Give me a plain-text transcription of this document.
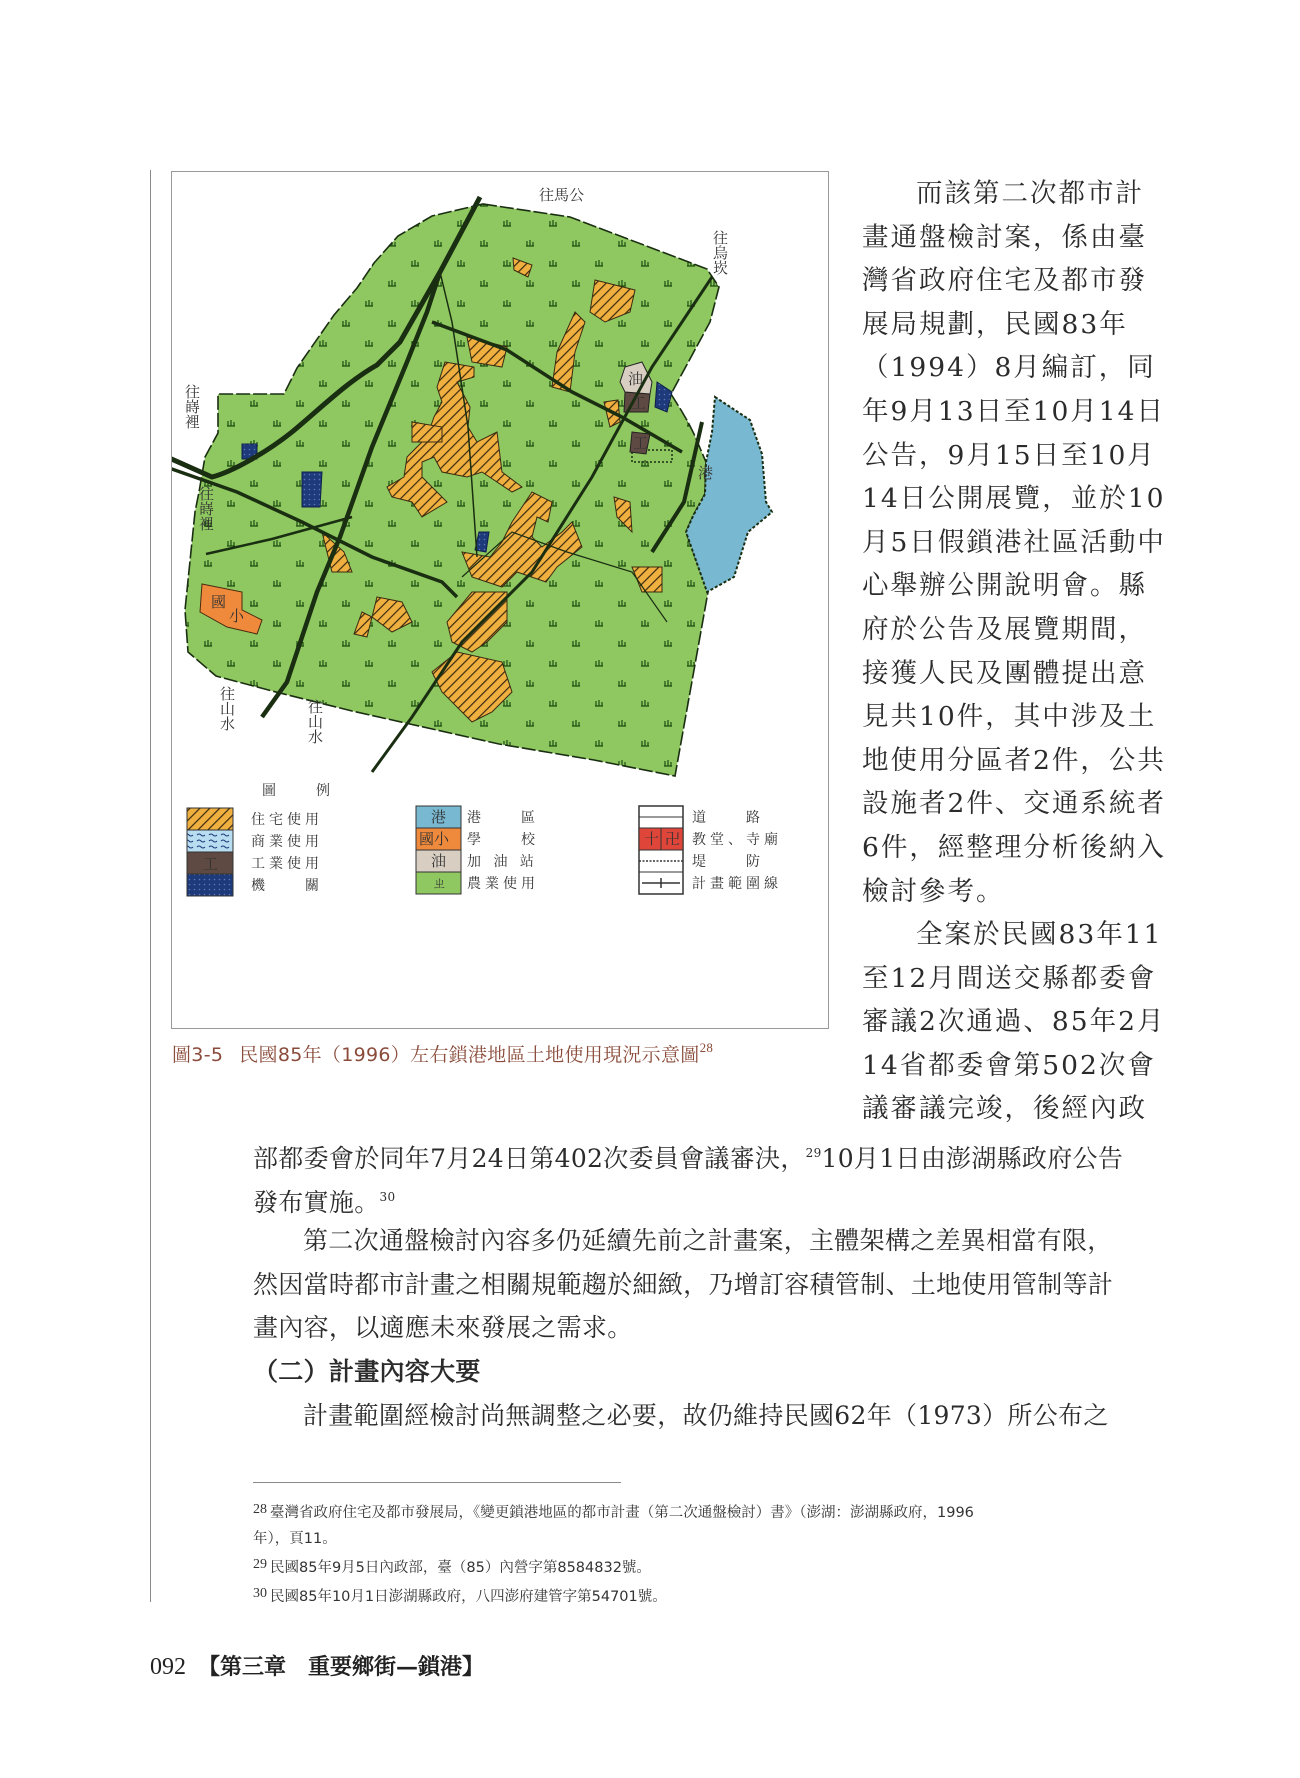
往馬公
往烏崁
往嵵裡
往嵵裡
往山水	往山水
港
國
小
油
工
工
圖　　例
工
住宅使用
商業使用
工業使用
機　　關
港
國小
油
ㄓ
港　　區
學　　校
加 油 站
農業使用
十 卍
道　　路
教堂、寺廟
堤　　防
計畫範圍線
圖3-5 民國85年（1996）左右鎖港地區土地使用現況示意圖$^{28}$

而該第二次都市計
畫通盤檢討案，係由臺
灣省政府住宅及都市發
展局規劃，民國83年
（1994）8月編訂，同
年9月13日至10月14日
公告，9月15日至10月
14日公開展覽，並於10
月5日假鎖港社區活動中
心舉辦公開說明會。縣
府於公告及展覽期間，
接獲人民及團體提出意
見共10件，其中涉及土
地使用分區者2件，公共
設施者2件、交通系統者
6件，經整理分析後納入
檢討參考。

全案於民國83年11
至12月間送交縣都委會
審議2次通過、85年2月
14省都委會第502次會
議審議完竣，後經內政

部都委會於同年7月24日第402次委員會議審決，$^{29}$10月1日由澎湖縣政府公告
發布實施。$^{30}$
第二次通盤檢討內容多仍延續先前之計畫案，主體架構之差異相當有限，
然因當時都市計畫之相關規範趨於細緻，乃增訂容積管制、土地使用管制等計
畫內容，以適應未來發展之需求。
（二）計畫內容大要
計畫範圍經檢討尚無調整之必要，故仍維持民國62年（1973）所公布之
28 臺灣省政府住宅及都市發展局，《變更鎖港地區的都市計畫（第二次通盤檢討）書》（澎湖：澎湖縣政府，1996
年），頁11。
29 民國85年9月5日內政部，臺（85）內營字第8584832號。
30 民國85年10月1日澎湖縣政府，八四澎府建管字第54701號。
092 【第三章　重要鄉街—鎖港】
